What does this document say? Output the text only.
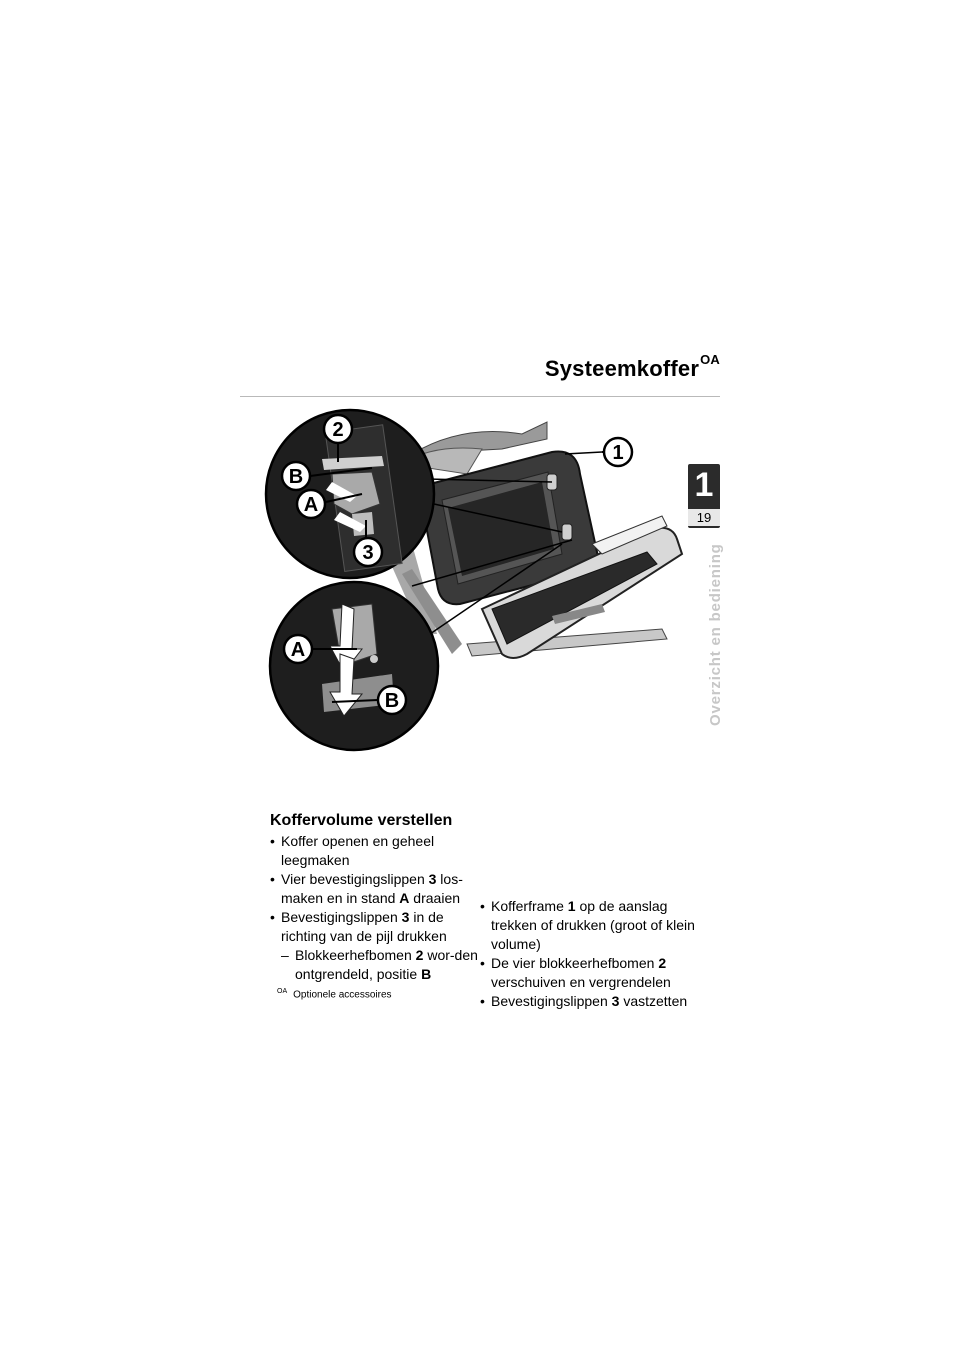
Systeemkoffer$^{OA}$
1
19
Overzicht en bediening
2
B
A
3
1
A
B
Koffervolume verstellen
• Koffer openen en geheel leegmaken
• Vier bevestigingslippen 3 los-maken en in stand A draaien
• Bevestigingslippen 3 in de richting van de pijl drukken
– Blokkeerhefbomen 2 wor-den ontgrendeld, positie B
• Kofferframe 1 op de aanslag trekken of drukken (groot of klein volume)
• De vier blokkeerhefbomen 2 verschuiven en vergrendelen
• Bevestigingslippen 3 vastzetten
$^{OA}$ Optionele accessoires
